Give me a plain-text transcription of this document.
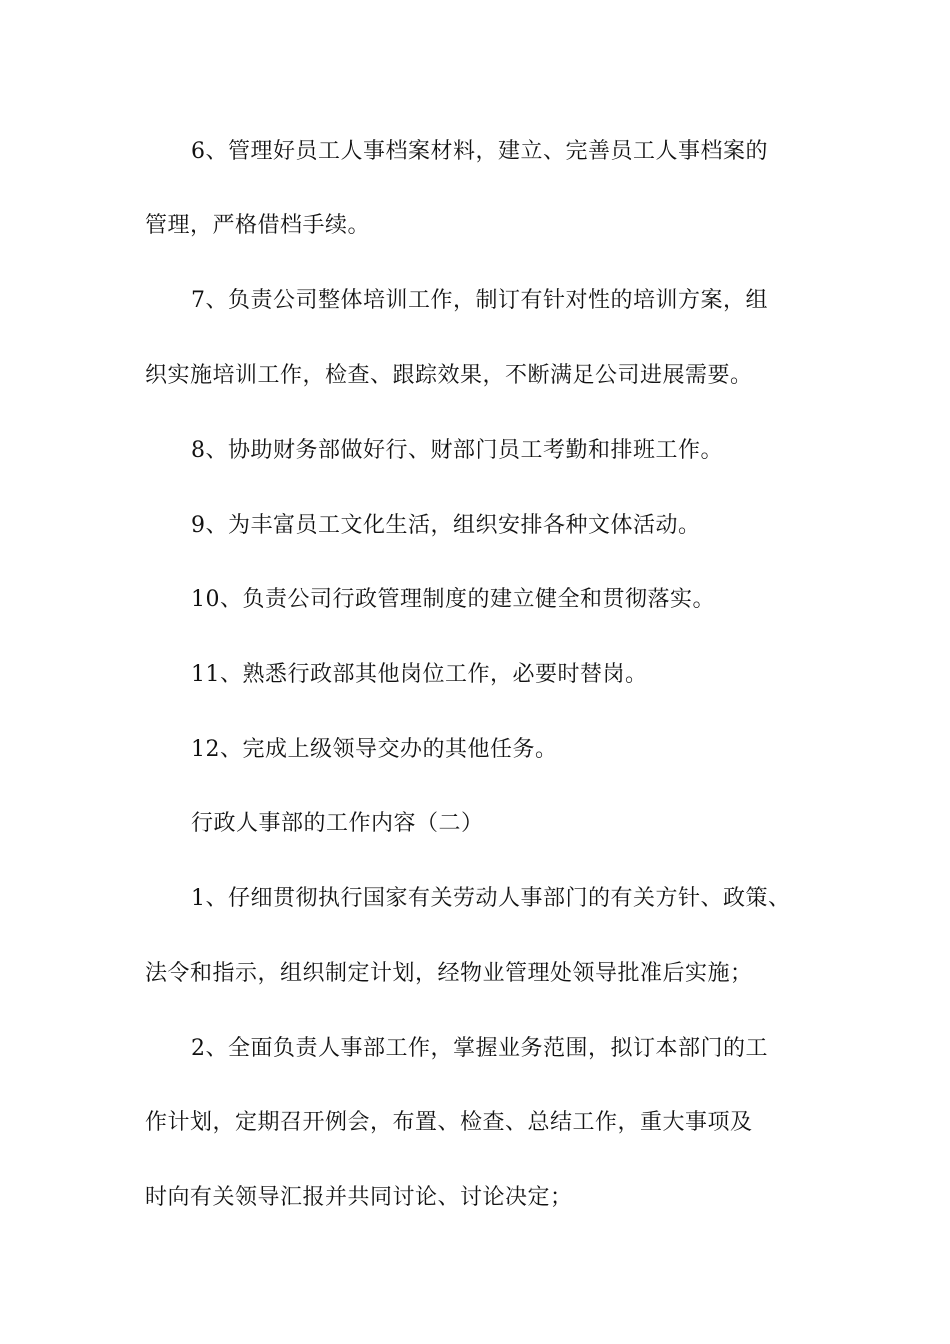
6、管理好员工人事档案材料，建立、完善员工人事档案的
管理，严格借档手续。
7、负责公司整体培训工作，制订有针对性的培训方案，组
织实施培训工作，检查、跟踪效果，不断满足公司进展需要。
8、协助财务部做好行、财部门员工考勤和排班工作。
9、为丰富员工文化生活，组织安排各种文体活动。
10、负责公司行政管理制度的建立健全和贯彻落实。
11、熟悉行政部其他岗位工作，必要时替岗。
12、完成上级领导交办的其他任务。
行政人事部的工作内容（二）
1、仔细贯彻执行国家有关劳动人事部门的有关方针、政策、
法令和指示，组织制定计划，经物业管理处领导批准后实施；
2、全面负责人事部工作，掌握业务范围，拟订本部门的工
作计划，定期召开例会，布置、检查、总结工作，重大事项及
时向有关领导汇报并共同讨论、讨论决定；
